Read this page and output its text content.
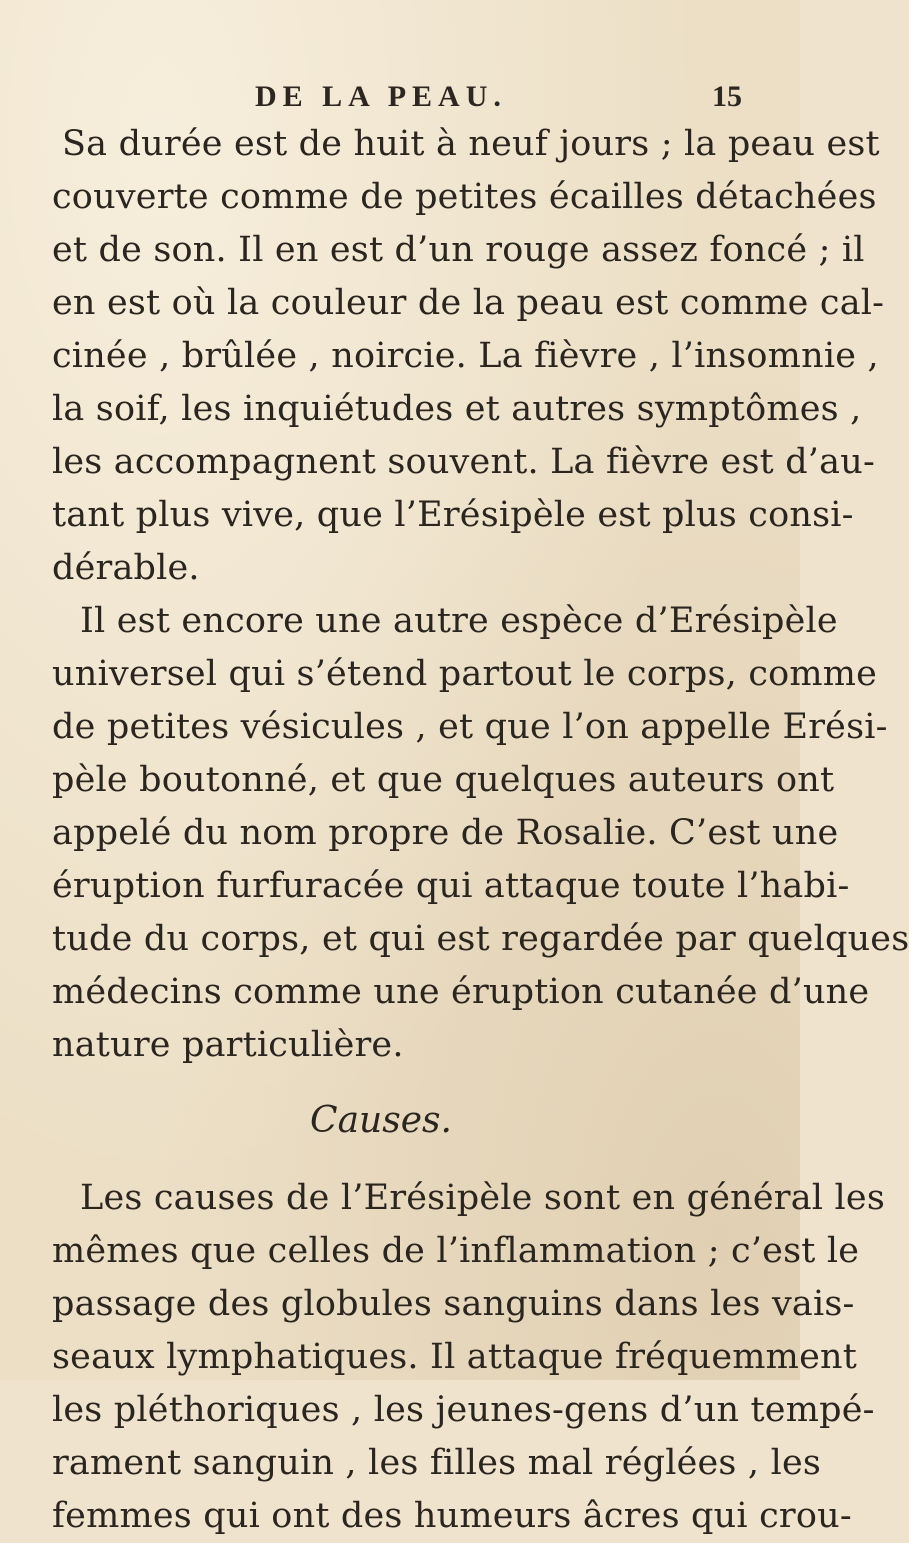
DE LA PEAU.	15
Sa durée est de huit à neuf jours ; la peau est
couverte comme de petites écailles détachées
et de son. Il en est d’un rouge assez foncé ; il
en est où la couleur de la peau est comme cal-
cinée , brûlée , noircie. La fièvre , l’insomnie ,
la soif, les inquiétudes et autres symptômes ,
les accompagnent souvent. La fièvre est d’au-
tant plus vive, que l’Erésipèle est plus consi-
dérable.
Il est encore une autre espèce d’Erésipèle
universel qui s’étend partout le corps, comme
de petites vésicules , et que l’on appelle Erési-
pèle boutonné, et que quelques auteurs ont
appelé du nom propre de Rosalie. C’est une
éruption furfuracée qui attaque toute l’habi-
tude du corps, et qui est regardée par quelques
médecins comme une éruption cutanée d’une
nature particulière.
Causes.
Les causes de l’Erésipèle sont en général les
mêmes que celles de l’inflammation ; c’est le
passage des globules sanguins dans les vais-
seaux lymphatiques. Il attaque fréquemment
les pléthoriques , les jeunes-gens d’un tempé-
rament sanguin , les filles mal réglées , les
femmes qui ont des humeurs âcres qui crou-
